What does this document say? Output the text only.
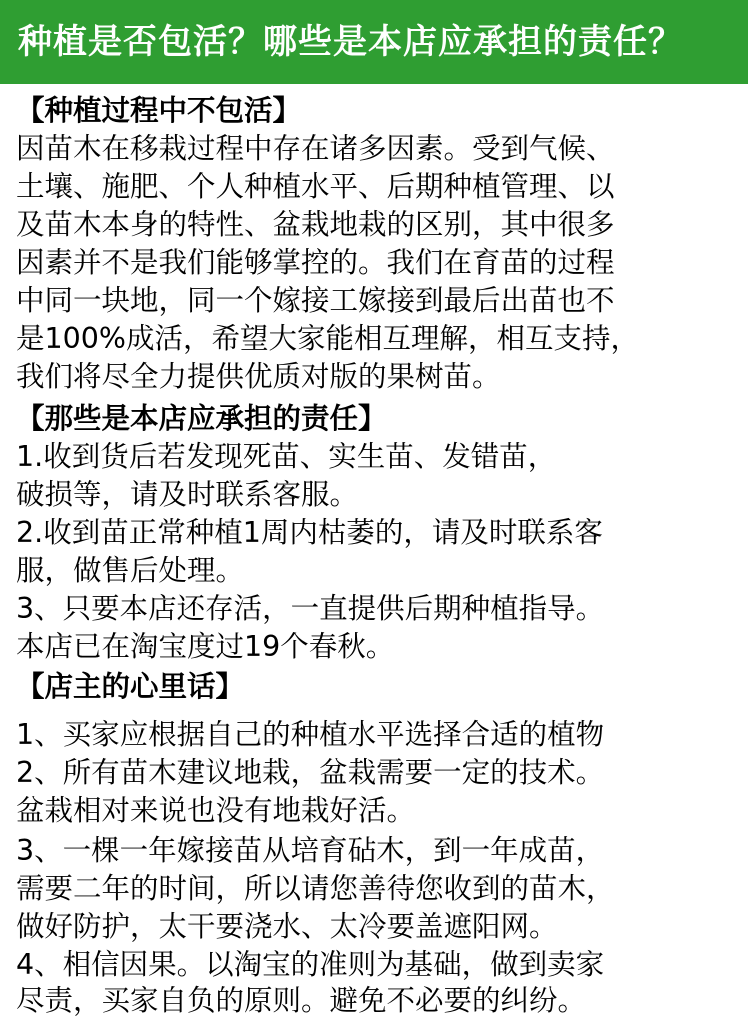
种植是否包活？哪些是本店应承担的责任？

【种植过程中不包活】

因苗木在移栽过程中存在诸多因素。受到气候、

土壤、施肥、个人种植水平、后期种植管理、以

及苗木本身的特性、盆栽地栽的区别，其中很多

因素并不是我们能够掌控的。我们在育苗的过程

中同一块地，同一个嫁接工嫁接到最后出苗也不

是100%成活，希望大家能相互理解，相互支持，

我们将尽全力提供优质对版的果树苗。

【那些是本店应承担的责任】

1.收到货后若发现死苗、实生苗、发错苗，

破损等，请及时联系客服。

2.收到苗正常种植1周内枯萎的，请及时联系客

服，做售后处理。

3、只要本店还存活，一直提供后期种植指导。

本店已在淘宝度过19个春秋。

【店主的心里话】

1、买家应根据自己的种植水平选择合适的植物

2、所有苗木建议地栽，盆栽需要一定的技术。

盆栽相对来说也没有地栽好活。

3、一棵一年嫁接苗从培育砧木，到一年成苗，

需要二年的时间，所以请您善待您收到的苗木，

做好防护，太干要浇水、太冷要盖遮阳网。

4、相信因果。以淘宝的准则为基础，做到卖家

尽责，买家自负的原则。避免不必要的纠纷。
